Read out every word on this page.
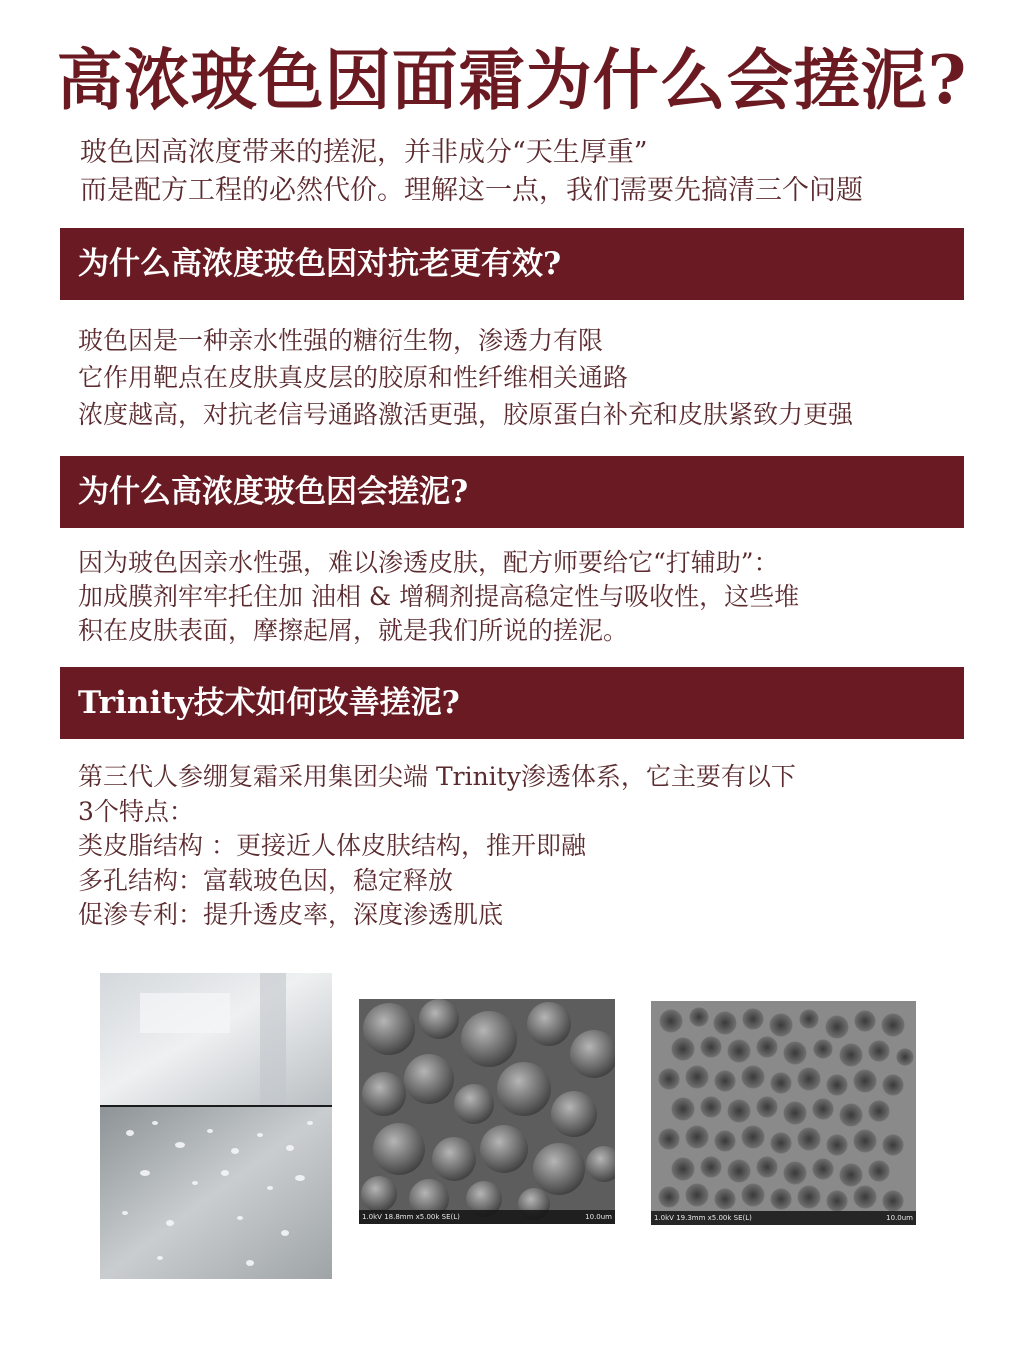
高浓玻色因面霜为什么会搓泥?
玻色因高浓度带来的搓泥，并非成分“天生厚重”
而是配方工程的必然代价。理解这一点，我们需要先搞清三个问题
为什么高浓度玻色因对抗老更有效?
玻色因是一种亲水性强的糖衍生物，渗透力有限
它作用靶点在皮肤真皮层的胶原和性纤维相关通路
浓度越高，对抗老信号通路激活更强，胶原蛋白补充和皮肤紧致力更强
为什么高浓度玻色因会搓泥?
因为玻色因亲水性强，难以渗透皮肤，配方师要给它“打辅助”：
加成膜剂牢牢托住加 油相 & 增稠剂提高稳定性与吸收性，这些堆
积在皮肤表面，摩擦起屑，就是我们所说的搓泥。
Trinity技术如何改善搓泥?
第三代人参绷复霜采用集团尖端 Trinity渗透体系，它主要有以下
3个特点：
类皮脂结构 ：更接近人体皮肤结构，推开即融
多孔结构：富载玻色因，稳定释放
促渗专利：提升透皮率，深度渗透肌底
1.0kV 18.8mm x5.00k SE(L)	10.0um	1.0kV 19.3mm x5.00k SE(L)	10.0um
